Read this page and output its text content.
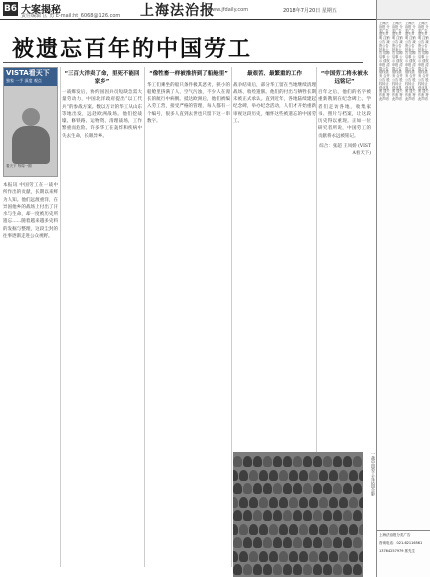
B6 大案揭秘
责任编辑 匡 勇 E-mail:ht_6068@126.com 上海法治报
www.jfdaily.com	2018年7月20日 星期五
被遗忘百年的中国劳工
VISTA看天下
独家 一手 深度 观点
看天下 每周一期

本报讯 中国劳工在一战中所作出的贡献，长期以来鲜为人知。他们远渡重洋，在异国他乡的战场上付出了汗水与生命，却一度被历史所遗忘……随着越来越多史料的发掘与整理，这段尘封的往事逐渐走进公众视野。

“三百大洋卖了命，里死不能回家乡”

一战爆发后，协约国因兵员短缺急需大量劳动力，中国北洋政府提出“以工代兵”的参战方案。数以万计的华工从山东等地出发，远赴欧洲战场。他们挖战壕、修铁路、运物资、清理战场，工作繁重而危险。许多华工在轰炸和疾病中失去生命，长眠异乡。

“像牲畜一样被推挤到了船舱里”

华工们乘坐的船只条件极其恶劣，狭小的船舱里挤满了人，空气污浊，不少人在漫长的航行中病倒。抵达欧洲后，他们被编入劳工营，接受严格的管理，每人都有一个编号，很多人直到去世也只留下这一串数字。

最艰苦、最繁重的工作

战争结束后，部分华工留在当地继续清理战场、收殓遗骸。他们的付出与牺牲长期未被正式承认。直到近年，各地陆续建起纪念碑，举办纪念活动，人们才开始重新审视这段历史，缅怀这些被遗忘的中国劳工。

“中国劳工将永被永远铭记”

百年之后，他们的名字被重新镌刻在纪念碑上。学者们走访各地，收集家书、照片与档案，让这段历史得以重现。正如一位研究者所说，中国劳工的贡献将永远被铭记。

综合：张超 王凤娇 (VISTA看天下)
一战中国劳工在法国合影
上海法治报 分类广告 遗失声明 注销公告 减资公告 拍卖公告 招聘启事 公示 债权申报 清算公告 债权债务 合并公告 股权转让 营业执照 遗失作废 特此声明
上海法治报 分类广告 遗失声明 注销公告 减资公告 拍卖公告 招聘启事 公示 债权申报 清算公告 债权债务 合并公告 股权转让 营业执照 遗失作废 特此声明
上海法治报 分类广告 遗失声明 注销公告 减资公告 拍卖公告 招聘启事 公示 债权申报 清算公告 债权债务 合并公告 股权转让 营业执照 遗失作废 特此声明
上海法治报 分类广告 遗失声明 注销公告 减资公告 拍卖公告 招聘启事 公示 债权申报 清算公告 债权债务 合并公告 股权转让 营业执照 遗失作废 特此声明
上海法治报分类广告
咨询电话：021-62116561
13764257979 郭先生
